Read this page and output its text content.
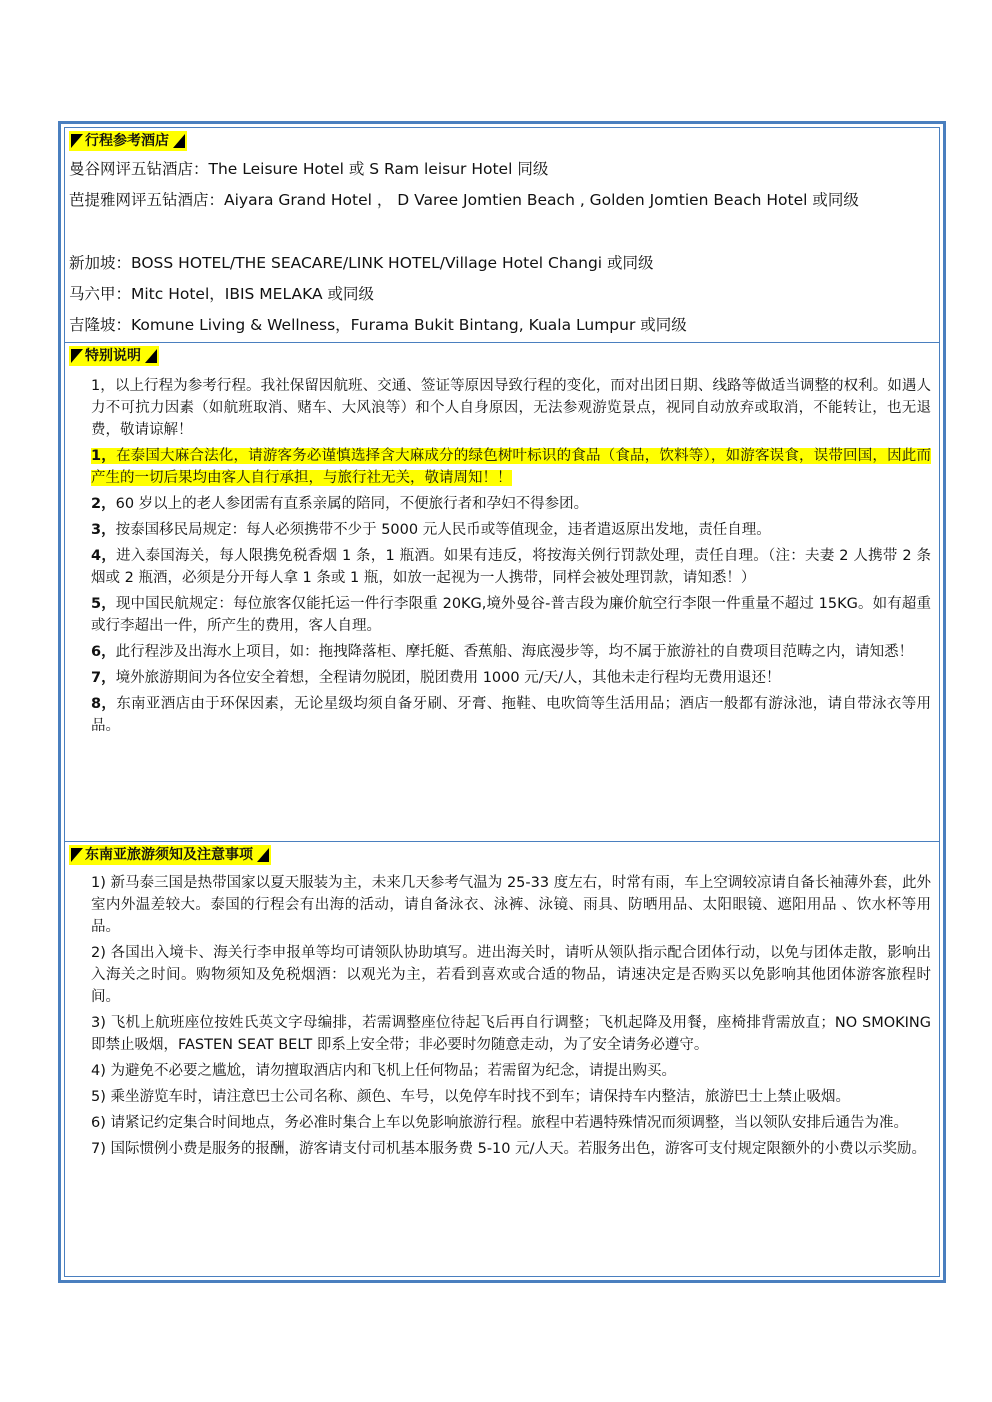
行程参考酒店
曼谷网评五钻酒店：The Leisure Hotel 或 S Ram leisur Hotel 同级
芭提雅网评五钻酒店：Aiyara Grand Hotel ， D Varee Jomtien Beach , Golden Jomtien Beach Hotel 或同级
新加坡：BOSS HOTEL/THE SEACARE/LINK HOTEL/Village Hotel Changi 或同级
马六甲：Mitc Hotel，IBIS MELAKA 或同级
吉隆坡：Komune Living & Wellness，Furama Bukit Bintang, Kuala Lumpur 或同级
特别说明
1，以上行程为参考行程。我社保留因航班、交通、签证等原因导致行程的变化，而对出团日期、线路等做适当调整的权利。如遇人力不可抗力因素（如航班取消、赌车、大风浪等）和个人自身原因，无法参观游览景点，视同自动放弃或取消，不能转让，也无退费，敬请谅解！
1，在泰国大麻合法化，请游客务必谨慎选择含大麻成分的绿色树叶标识的食品（食品，饮料等），如游客误食，误带回国，因此而产生的一切后果均由客人自行承担，与旅行社无关，敬请周知！！
2，60 岁以上的老人参团需有直系亲属的陪同，不便旅行者和孕妇不得参团。
3，按泰国移民局规定：每人必须携带不少于 5000 元人民币或等值现金，违者遣返原出发地，责任自理。
4，进入泰国海关，每人限携免税香烟 1 条，1 瓶酒。如果有违反，将按海关例行罚款处理，责任自理。（注：夫妻 2 人携带 2 条烟或 2 瓶酒，必须是分开每人拿 1 条或 1 瓶，如放一起视为一人携带，同样会被处理罚款，请知悉！）
5，现中国民航规定：每位旅客仅能托运一件行李限重 20KG,境外曼谷-普吉段为廉价航空行李限一件重量不超过 15KG。如有超重或行李超出一件，所产生的费用，客人自理。
6，此行程涉及出海水上项目，如：拖拽降落柜、摩托艇、香蕉船、海底漫步等，均不属于旅游社的自费项目范畴之内，请知悉！
7，境外旅游期间为各位安全着想，全程请勿脱团，脱团费用 1000 元/天/人，其他未走行程均无费用退还！
8，东南亚酒店由于环保因素，无论星级均须自备牙刷、牙膏、拖鞋、电吹筒等生活用品；酒店一般都有游泳池，请自带泳衣等用品。
东南亚旅游须知及注意事项
1) 新马泰三国是热带国家以夏天服装为主，未来几天参考气温为 25-33 度左右，时常有雨，车上空调较凉请自备长袖薄外套，此外室内外温差较大。泰国的行程会有出海的活动，请自备泳衣、泳裤、泳镜、雨具、防晒用品、太阳眼镜、遮阳用品 、饮水杯等用品。
2) 各国出入境卡、海关行李申报单等均可请领队协助填写。进出海关时，请听从领队指示配合团体行动，以免与团体走散，影响出入海关之时间。购物须知及免税烟酒：以观光为主，若看到喜欢或合适的物品，请速决定是否购买以免影响其他团体游客旅程时间。
3) 飞机上航班座位按姓氏英文字母编排，若需调整座位待起飞后再自行调整；飞机起降及用餐，座椅排背需放直；NO SMOKING 即禁止吸烟，FASTEN SEAT BELT 即系上安全带；非必要时勿随意走动，为了安全请务必遵守。
4) 为避免不必要之尴尬，请勿擅取酒店内和飞机上任何物品；若需留为纪念，请提出购买。
5) 乘坐游览车时，请注意巴士公司名称、颜色、车号，以免停车时找不到车；请保持车内整洁，旅游巴士上禁止吸烟。
6) 请紧记约定集合时间地点，务必准时集合上车以免影响旅游行程。旅程中若遇特殊情况而须调整，当以领队安排后通告为准。
7) 国际惯例小费是服务的报酬，游客请支付司机基本服务费 5-10 元/人天。若服务出色，游客可支付规定限额外的小费以示奖励。
